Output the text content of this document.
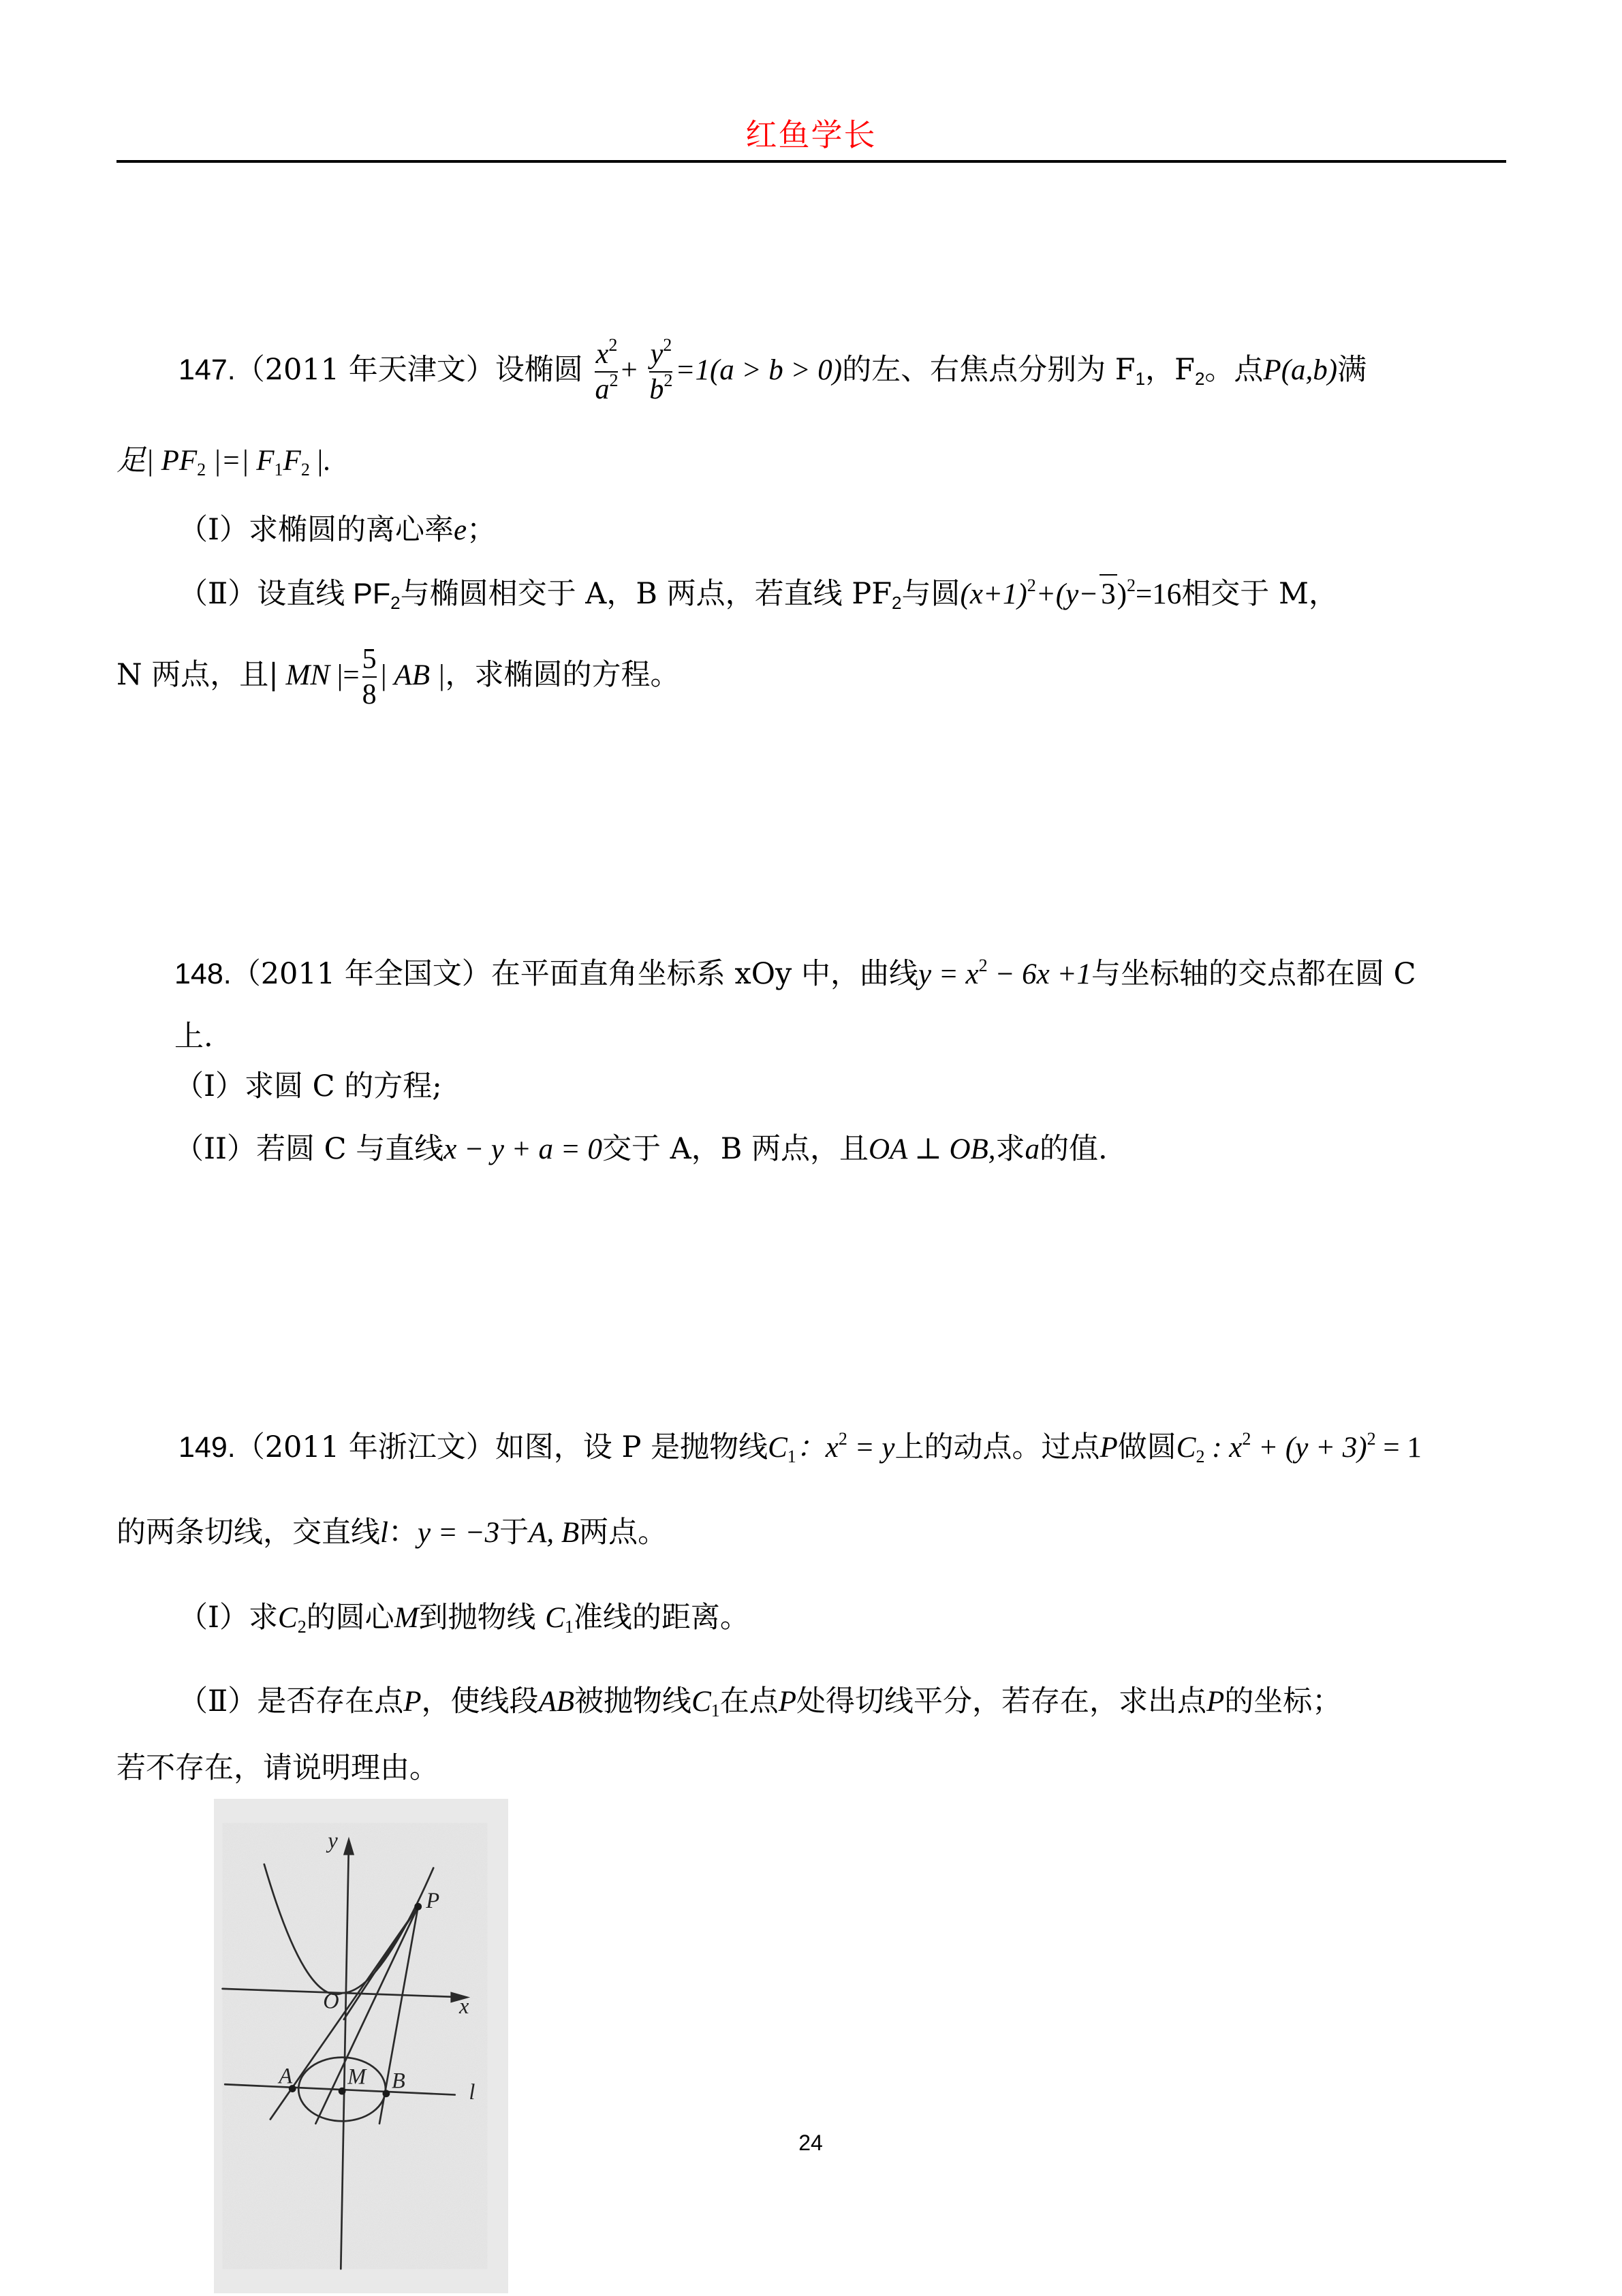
红鱼学长
147.（2011 年天津文）设椭圆 $\frac{x^2}{a^2} + \frac{y^2}{b^2} =1(a > b > 0)$的左、右焦点分别为 $F_1$，$F_2$。点P(a,b)满
足| $PF_2$ |=| $F_1F_2$ |.
（Ⅰ）求椭圆的离心率e；
（Ⅱ）设直线 $PF_2$与椭圆相交于 A，B 两点，若直线 $PF_2$与圆$(x+1)^2+(y-3)^2=16$相交于 M，
N 两点，且| MN |= $\frac{5}{8}$ | AB |，求椭圆的方程。
148.（2011 年全国文）在平面直角坐标系 xOy 中，曲线$y = x^2 - 6x +1$与坐标轴的交点都在圆 C
上.
（I）求圆 C 的方程;
（II）若圆 C 与直线x − y + a = 0交于 A，B 两点，且OA ⊥ OB,求a的值.
149.（2011 年浙江文）如图，设 P 是抛物线$C_1$：$x^2 = y$上的动点。过点P做圆$C_2$ : $x^2 + (y + 3)^2 = 1$
的两条切线，交直线l：y = −3于A, B两点。
（Ⅰ）求$C_2$的圆心M到抛物线 $C_1$准线的距离。
（Ⅱ）是否存在点P，使线段AB被抛物线$C_1$在点P处得切线平分，若存在，求出点P的坐标；
若不存在，请说明理由。
y
x
O
P
A M B	l
24
